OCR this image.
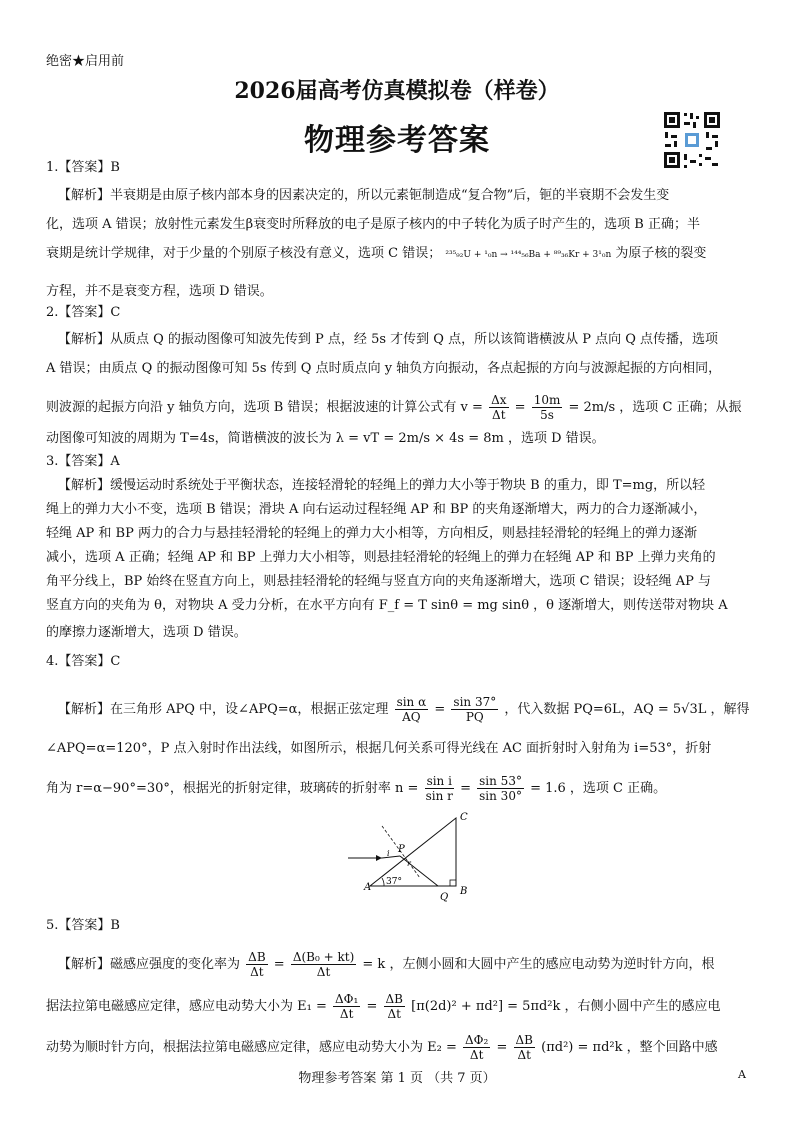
绝密★启用前
2026届高考仿真模拟卷（样卷）
物理参考答案
1.【答案】B
【解析】半衰期是由原子核内部本身的因素决定的，所以元素钷制造成“复合物”后，钷的半衰期不会发生变
化，选项 A 错误；放射性元素发生β衰变时所释放的电子是原子核内的中子转化为质子时产生的，选项 B 正确；半
衰期是统计学规律，对于少量的个别原子核没有意义，选项 C 错误； ²³⁵₉₂U + ¹₀n → ¹⁴⁴₅₆Ba + ⁸⁹₃₆Kr + 3¹₀n 为原子核的裂变
方程，并不是衰变方程，选项 D 错误。
2.【答案】C
【解析】从质点 Q 的振动图像可知波先传到 P 点，经 5s 才传到 Q 点，所以该简谐横波从 P 点向 Q 点传播，选项
A 错误；由质点 Q 的振动图像可知 5s 传到 Q 点时质点向 y 轴负方向振动，各点起振的方向与波源起振的方向相同，
则波源的起振方向沿 y 轴负方向，选项 B 错误；根据波速的计算公式有 $v = \frac{\Delta x}{\Delta t} = \frac{10m}{5s} = 2m/s$ ，选项 C 正确；从振
动图像可知波的周期为 T=4s，简谐横波的波长为 λ = vT = 2m/s × 4s = 8m ，选项 D 错误。
3.【答案】A
【解析】缓慢运动时系统处于平衡状态，连接轻滑轮的轻绳上的弹力大小等于物块 B 的重力，即 T=mg，所以轻
绳上的弹力大小不变，选项 B 错误；滑块 A 向右运动过程轻绳 AP 和 BP 的夹角逐渐增大，两力的合力逐渐减小，
轻绳 AP 和 BP 两力的合力与悬挂轻滑轮的轻绳上的弹力大小相等，方向相反，则悬挂轻滑轮的轻绳上的弹力逐渐
减小，选项 A 正确；轻绳 AP 和 BP 上弹力大小相等，则悬挂轻滑轮的轻绳上的弹力在轻绳 AP 和 BP 上弹力夹角的
角平分线上，BP 始终在竖直方向上，则悬挂轻滑轮的轻绳与竖直方向的夹角逐渐增大，选项 C 错误；设轻绳 AP 与
竖直方向的夹角为 θ，对物块 A 受力分析，在水平方向有 F_f = T sinθ = mg sinθ ，θ 逐渐增大，则传送带对物块 A
的摩擦力逐渐增大，选项 D 错误。
4.【答案】C
【解析】在三角形 APQ 中，设∠APQ=α，根据正弦定理 $\frac{\text{sin α}}{AQ} = \frac{\sin 37^\circ}{PQ}$ ，代入数据 PQ=6L，AQ = 5√3L ，解得
∠APQ=α=120°，P 点入射时作出法线，如图所示，根据几何关系可得光线在 AC 面折射时入射角为 i=53°，折射
角为 r=α−90°=30°，根据光的折射定律，玻璃砖的折射率 $n = \frac{\text{sin i}}{\text{sin r}} = \frac{\sin 53^\circ}{\sin 30^\circ} = 1.6$ ，选项 C 正确。
A	B
C
P
Q
i
r
37°
5.【答案】B
【解析】磁感应强度的变化率为 $\frac{\Delta B}{\Delta t} = \frac{\text{Δ(B₀ + kt)}}{\Delta t} = k$ ，左侧小圆和大圆中产生的感应电动势为逆时针方向，根
据法拉第电磁感应定律，感应电动势大小为 $E_1 = \frac{\text{ΔΦ₁}}{\Delta t} = \frac{\Delta B}{\Delta t} [\pi(2d)^2 + \pi d^2] = 5\pi d^2k$ ，右侧小圆中产生的感应电
动势为顺时针方向，根据法拉第电磁感应定律，感应电动势大小为 $E_2 = \frac{\text{ΔΦ₂}}{\Delta t} = \frac{\Delta B}{\Delta t} (\pi d^2) = \pi d^2k$ ，整个回路中感
物理参考答案 第 1 页 （共 7 页）	A
